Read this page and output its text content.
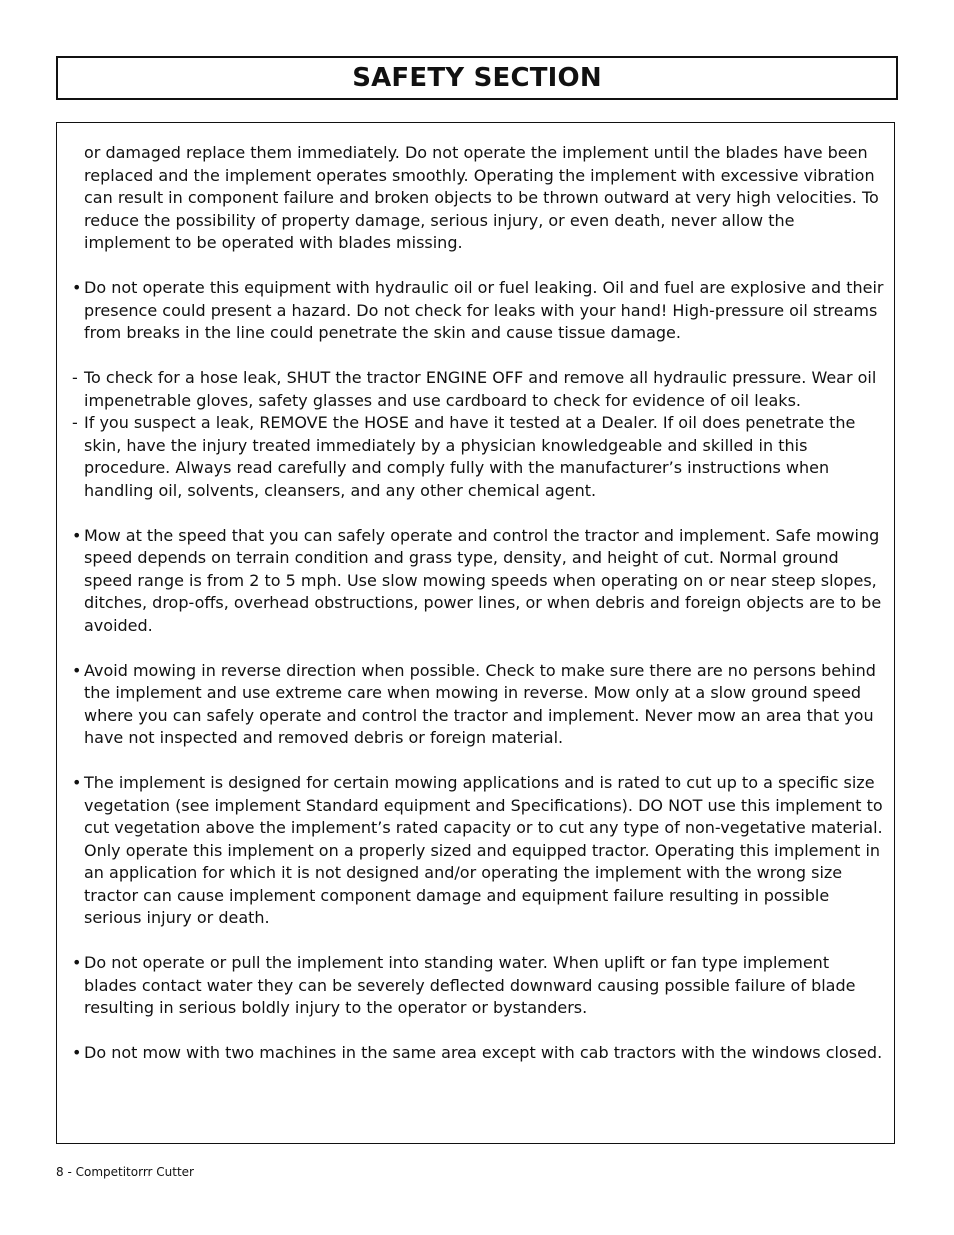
SAFETY SECTION
or damaged replace them immediately. Do not operate the implement until the blades have been replaced and the implement operates smoothly. Operating the implement with excessive vibration can result in component failure and broken objects to be thrown outward at very high velocities. To reduce the possibility of property damage, serious injury, or even death, never allow the implement to be operated with blades missing.
• Do not operate this equipment with hydraulic oil or fuel leaking. Oil and fuel are explosive and their presence could present a hazard. Do not check for leaks with your hand! High-pressure oil streams from breaks in the line could penetrate the skin and cause tissue damage.
- To check for a hose leak, SHUT the tractor ENGINE OFF and remove all hydraulic pressure. Wear oil impenetrable gloves, safety glasses and use cardboard to check for evidence of oil leaks.
- If you suspect a leak, REMOVE the HOSE and have it tested at a Dealer. If oil does penetrate the skin, have the injury treated immediately by a physician knowledgeable and skilled in this procedure. Always read carefully and comply fully with the manufacturer’s instructions when handling oil, solvents, cleansers, and any other chemical agent.
• Mow at the speed that you can safely operate and control the tractor and implement. Safe mowing speed depends on terrain condition and grass type, density, and height of cut. Normal ground speed range is from 2 to 5 mph. Use slow mowing speeds when operating on or near steep slopes, ditches, drop-offs, overhead obstructions, power lines, or when debris and foreign objects are to be avoided.
• Avoid mowing in reverse direction when possible. Check to make sure there are no persons behind the implement and use extreme care when mowing in reverse. Mow only at a slow ground speed where you can safely operate and control the tractor and implement. Never mow an area that you have not inspected and removed debris or foreign material.
• The implement is designed for certain mowing applications and is rated to cut up to a specific size vegetation (see implement Standard equipment and Specifications). DO NOT use this implement to cut vegetation above the implement’s rated capacity or to cut any type of non-vegetative material. Only operate this implement on a properly sized and equipped tractor. Operating this implement in an application for which it is not designed and/or operating the implement with the wrong size tractor can cause implement component damage and equipment failure resulting in possible serious injury or death.
• Do not operate or pull the implement into standing water. When uplift or fan type implement blades contact water they can be severely deflected downward causing possible failure of blade resulting in serious boldly injury to the operator or bystanders.
• Do not mow with two machines in the same area except with cab tractors with the windows closed.
8 - Competitorrr Cutter
